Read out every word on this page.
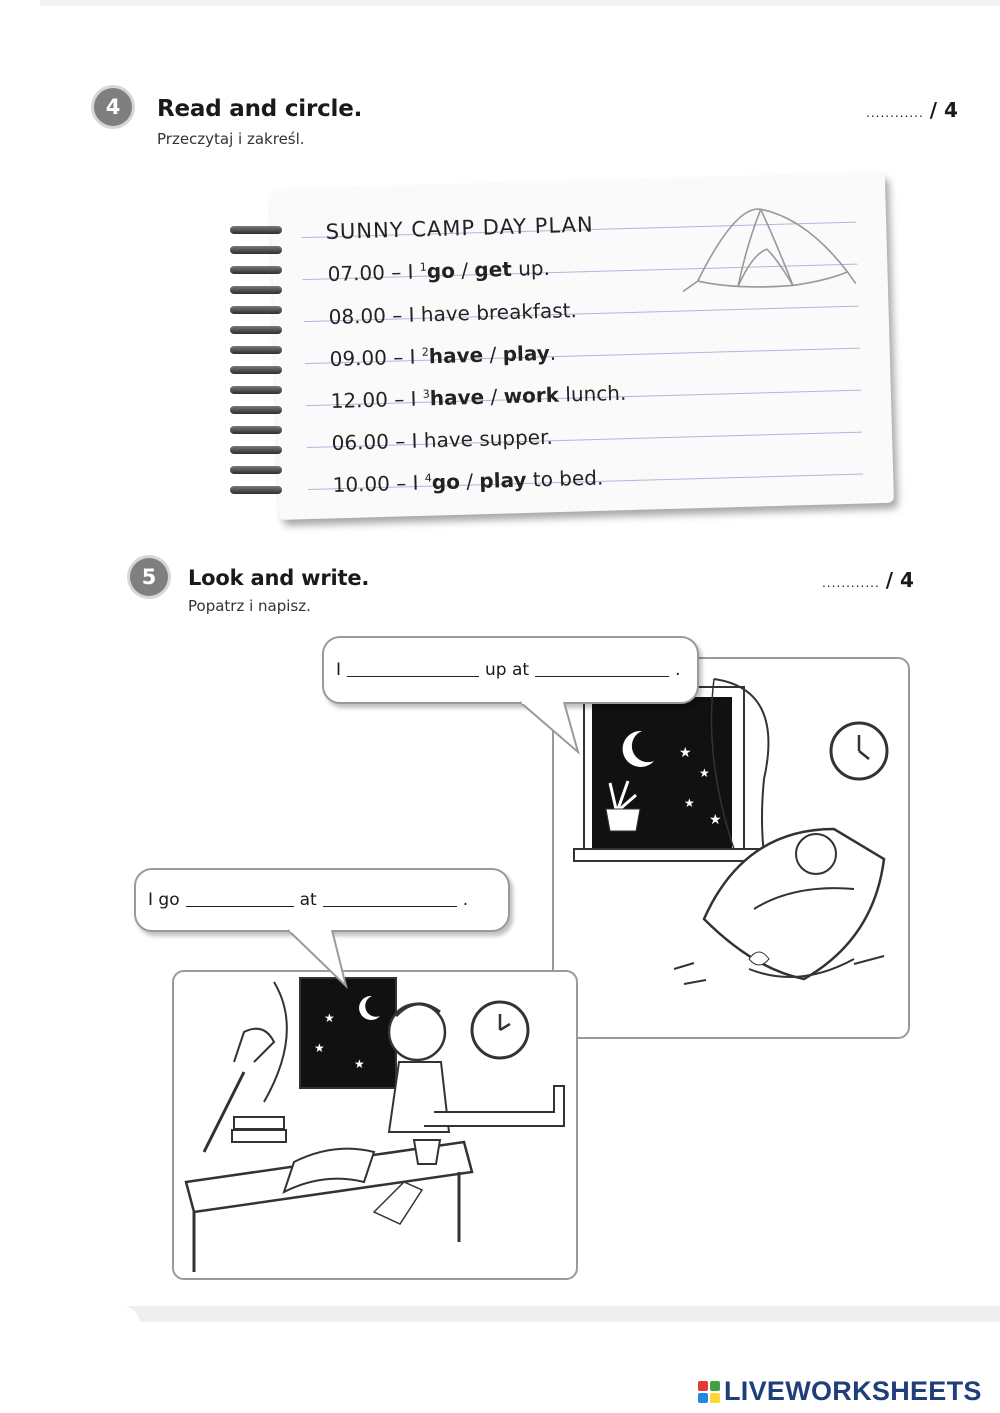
4 Read and circle.
Przeczytaj i zakreśl.
............ / 4
SUNNY CAMP DAY PLAN
07.00 – I $^1$go / get up.
08.00 – I have breakfast.
09.00 – I $^2$have / play.
12.00 – I $^3$have / work lunch.
06.00 – I have supper.
10.00 – I $^4$go / play to bed.
5 Look and write.
Popatrz i napisz.
............ / 4
★
★
★
★
★
★
★
I	up at	.
I go	at	.
LIVEWORKSHEETS
